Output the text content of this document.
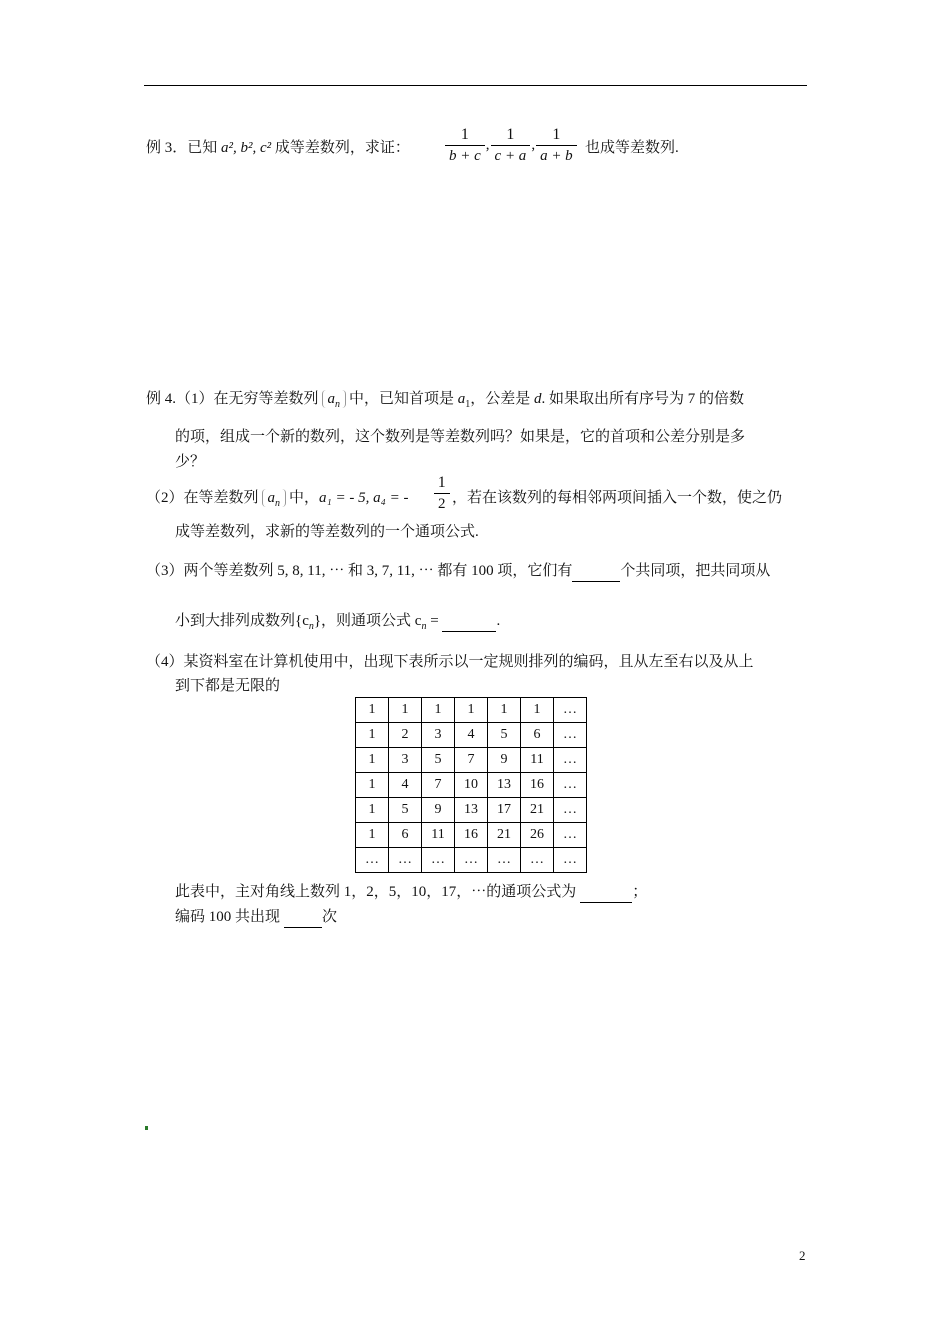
例 3．已知 a², b², c² 成等差数列，求证： $\frac{1}{b + c}$ , $\frac{1}{c + a}$ , $\frac{1}{a + b}$ 也成等差数列.
例 4.（1）在无穷等差数列 $a_n$ 中，已知首项是 $a_1$，公差是 d. 如果取出所有序号为 7 的倍数
的项，组成一个新的数列，这个数列是等差数列吗？如果是，它的首项和公差分别是多
少？
（2）在等差数列 $a_n$ 中，a₁ = - 5, a₄ = - $\frac{1}{2}$ ，若在该数列的每相邻两项间插入一个数，使之仍
成等差数列，求新的等差数列的一个通项公式.
（3）两个等差数列 5, 8, 11, ⋯ 和 3, 7, 11, ⋯ 都有 100 项，它们有	个共同项，把共同项从
小到大排列成数列$\{c_n\}$，则通项公式 $c_n$ =	.
（4）某资料室在计算机使用中，出现下表所示以一定规则排列的编码，且从左至右以及从上
到下都是无限的
1	1	1	1	1	1	…
1	2	3	4	5	6	…
1	3	5	7	9	11	…
1	4	7	10	13	16	…
1	5	9	13	17	21	…
1	6	11	16	21	26	…
…	…	…	…	…	…	…
此表中，主对角线上数列 1，2，5，10，17，⋯的通项公式为	；
编码 100 共出现	次
2
